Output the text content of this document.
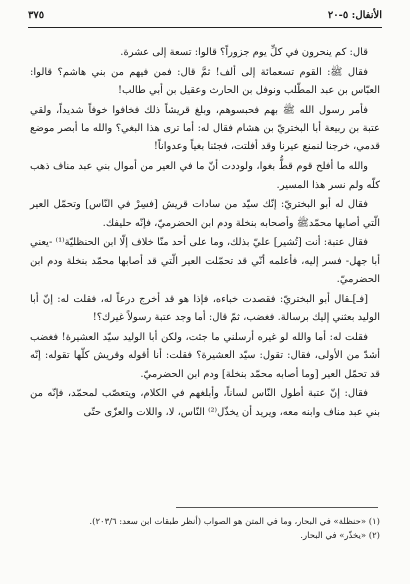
الأنفال: ٥-٢٠
٣٧٥

قال: كم ينحرون في كلِّ يوم جزوراً؟ قالوا: تسعة إلى عشرة.

فقال ﷺ: القوم تسعمائة إلى ألف! ثمَّ قال: فمن فيهم من بني هاشم؟ قالوا: العبّاس بن عبد المطّلب ونوفل بن الحارث وعقيل بن أبي طالب!

فأمر رسول الله ﷺ بهم فحبسوهم، وبلغ قريشاً ذلك فخافوا خوفاً شديداً، ولقي عتبة بن ربيعة أبا البختريّ بن هشام فقال له: أما ترى هذا البغي؟ والله ما أبصر موضع قدمي، خرجنا لنمنع عيرنا وقد أفلتت، فجئنا بغياً وعدواناً!

والله ما أفلح قوم قطُّ بغوا، ولوددت أنّ ما في العير من أموال بني عبد مناف ذهب كلّه ولم نسر هذا المسير.

فقال له أبو البختريّ: إنّك سيّد من سادات قريش [فسِرْ في النّاس] وتحمّل العير الّتي أصابها محمّدﷺ وأصحابه بنخلة ودم ابن الحضرميّ، فإنّه حليفك.

فقال عتبة: أنت [تُشير] عليّ بذلك، وما على أحد منّا خلاف إلّا ابن الحنظليّة⁽¹⁾ -يعني أبا جهل- فسر إليه، فأعلمه أنّي قد تحمّلت العير الّتي قد أصابها محمّد بنخلة ودم ابن الحضرميّ.

[فـ]ـقال أبو البختريّ: فقصدت خباءه، فإذا هو قد أخرج درعاً له، فقلت له: إنّ أبا الوليد بعثني إليك برسالة. فغضب، ثمّ قال: أما وجد عتبة رسولاً غيرك؟!

فقلت له: أما والله لو غيره أرسلني ما جئت، ولكن أبا الوليد سيّد العشيرة! فغضب أشدّ من الأولى، فقال: تقول: سيّد العشيرة؟ فقلت: أنا أقوله وقريش كلّها تقوله: إنّه قد تحمّل العير [وما أصابه محمّد بنخلة] ودم ابن الحضرميّ.

فقال: إنّ عتبة أطول النّاس لساناً، وأبلغهم في الكلام، ويتعصّب لمحمّد، فإنّه من بني عبد مناف وابنه معه، ويريد أن يخذّل⁽²⁾ النّاس، لا، واللات والعزّى حتّى

(١) «حنظلة» في البحار، وما في المتن هو الصواب (أنظر طبقات ابن سعد: ٢٠٣/٦).
(٢) «يخذّر» في البحار.
